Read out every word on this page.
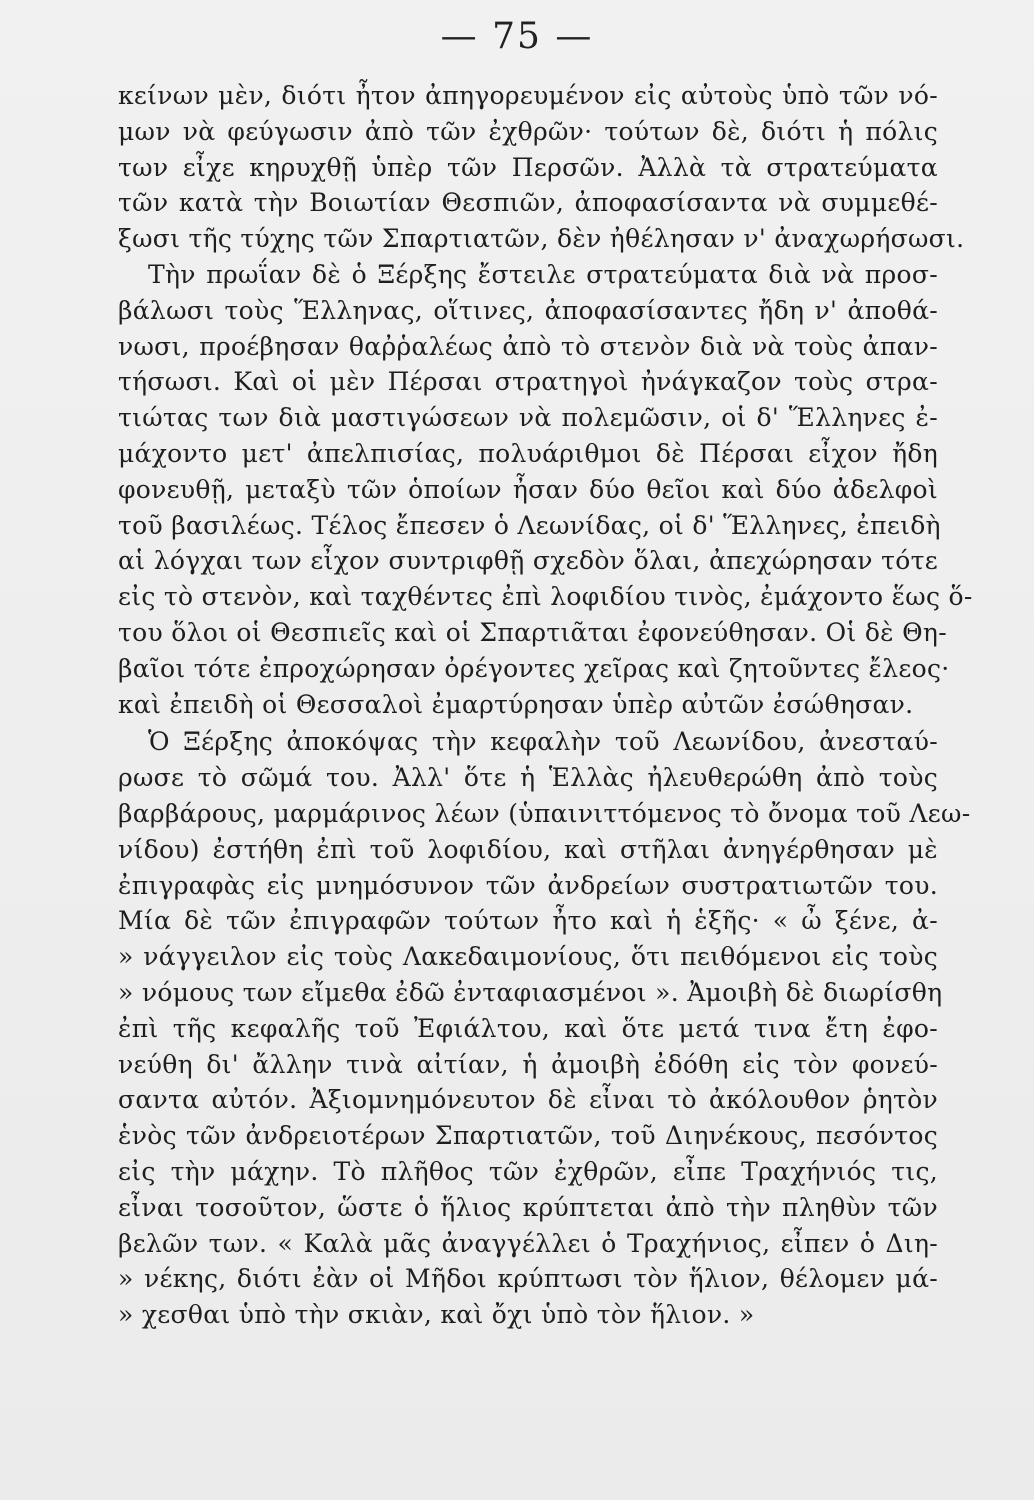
— 75 —
κείνων μὲν, διότι ἦτον ἀπηγορευμένον εἰς αὐτοὺς ὑπὸ τῶν νό-
μων νὰ φεύγωσιν ἀπὸ τῶν ἐχθρῶν· τούτων δὲ, διότι ἡ πόλις
των εἶχε κηρυχθῇ ὑπὲρ τῶν Περσῶν. Ἀλλὰ τὰ στρατεύματα
τῶν κατὰ τὴν Βοιωτίαν Θεσπιῶν, ἀποφασίσαντα νὰ συμμεθέ-
ξωσι τῆς τύχης τῶν Σπαρτιατῶν, δὲν ἠθέλησαν ν' ἀναχωρήσωσι.
Τὴν πρωΐαν δὲ ὁ Ξέρξης ἔστειλε στρατεύματα διὰ νὰ προσ-
βάλωσι τοὺς Ἕλληνας, οἵτινες, ἀποφασίσαντες ἤδη ν' ἀποθά-
νωσι, προέβησαν θαῤῥαλέως ἀπὸ τὸ στενὸν διὰ νὰ τοὺς ἀπαν-
τήσωσι. Καὶ οἱ μὲν Πέρσαι στρατηγοὶ ἠνάγκαζον τοὺς στρα-
τιώτας των διὰ μαστιγώσεων νὰ πολεμῶσιν, οἱ δ' Ἕλληνες ἐ-
μάχοντο μετ' ἀπελπισίας, πολυάριθμοι δὲ Πέρσαι εἶχον ἤδη
φονευθῇ, μεταξὺ τῶν ὁποίων ἦσαν δύο θεῖοι καὶ δύο ἀδελφοὶ
τοῦ βασιλέως. Τέλος ἔπεσεν ὁ Λεωνίδας, οἱ δ' Ἕλληνες, ἐπειδὴ
αἱ λόγχαι των εἶχον συντριφθῇ σχεδὸν ὅλαι, ἀπεχώρησαν τότε
εἰς τὸ στενὸν, καὶ ταχθέντες ἐπὶ λοφιδίου τινὸς, ἐμάχοντο ἕως ὅ-
του ὅλοι οἱ Θεσπιεῖς καὶ οἱ Σπαρτιᾶται ἐφονεύθησαν. Οἱ δὲ Θη-
βαῖοι τότε ἐπροχώρησαν ὀρέγοντες χεῖρας καὶ ζητοῦντες ἔλεος·
καὶ ἐπειδὴ οἱ Θεσσαλοὶ ἐμαρτύρησαν ὑπὲρ αὐτῶν ἐσώθησαν.
Ὁ Ξέρξης ἀποκόψας τὴν κεφαλὴν τοῦ Λεωνίδου, ἀνεσταύ-
ρωσε τὸ σῶμά του. Ἀλλ' ὅτε ἡ Ἑλλὰς ἠλευθερώθη ἀπὸ τοὺς
βαρβάρους, μαρμάρινος λέων (ὑπαινιττόμενος τὸ ὄνομα τοῦ Λεω-
νίδου) ἐστήθη ἐπὶ τοῦ λοφιδίου, καὶ στῆλαι ἀνηγέρθησαν μὲ
ἐπιγραφὰς εἰς μνημόσυνον τῶν ἀνδρείων συστρατιωτῶν του.
Μία δὲ τῶν ἐπιγραφῶν τούτων ἦτο καὶ ἡ ἑξῆς· « ὦ ξένε, ἀ-
» νάγγειλον εἰς τοὺς Λακεδαιμονίους, ὅτι πειθόμενοι εἰς τοὺς
» νόμους των εἴμεθα ἐδῶ ἐνταφιασμένοι ». Ἀμοιβὴ δὲ διωρίσθη
ἐπὶ τῆς κεφαλῆς τοῦ Ἐφιάλτου, καὶ ὅτε μετά τινα ἔτη ἐφο-
νεύθη δι' ἄλλην τινὰ αἰτίαν, ἡ ἀμοιβὴ ἐδόθη εἰς τὸν φονεύ-
σαντα αὐτόν. Ἀξιομνημόνευτον δὲ εἶναι τὸ ἀκόλουθον ῥητὸν
ἑνὸς τῶν ἀνδρειοτέρων Σπαρτιατῶν, τοῦ Διηνέκους, πεσόντος
εἰς τὴν μάχην. Τὸ πλῆθος τῶν ἐχθρῶν, εἶπε Τραχήνιός τις,
εἶναι τοσοῦτον, ὥστε ὁ ἥλιος κρύπτεται ἀπὸ τὴν πληθὺν τῶν
βελῶν των. « Καλὰ μᾶς ἀναγγέλλει ὁ Τραχήνιος, εἶπεν ὁ Διη-
» νέκης, διότι ἐὰν οἱ Μῆδοι κρύπτωσι τὸν ἥλιον, θέλομεν μά-
» χεσθαι ὑπὸ τὴν σκιὰν, καὶ ὄχι ὑπὸ τὸν ἥλιον. »
